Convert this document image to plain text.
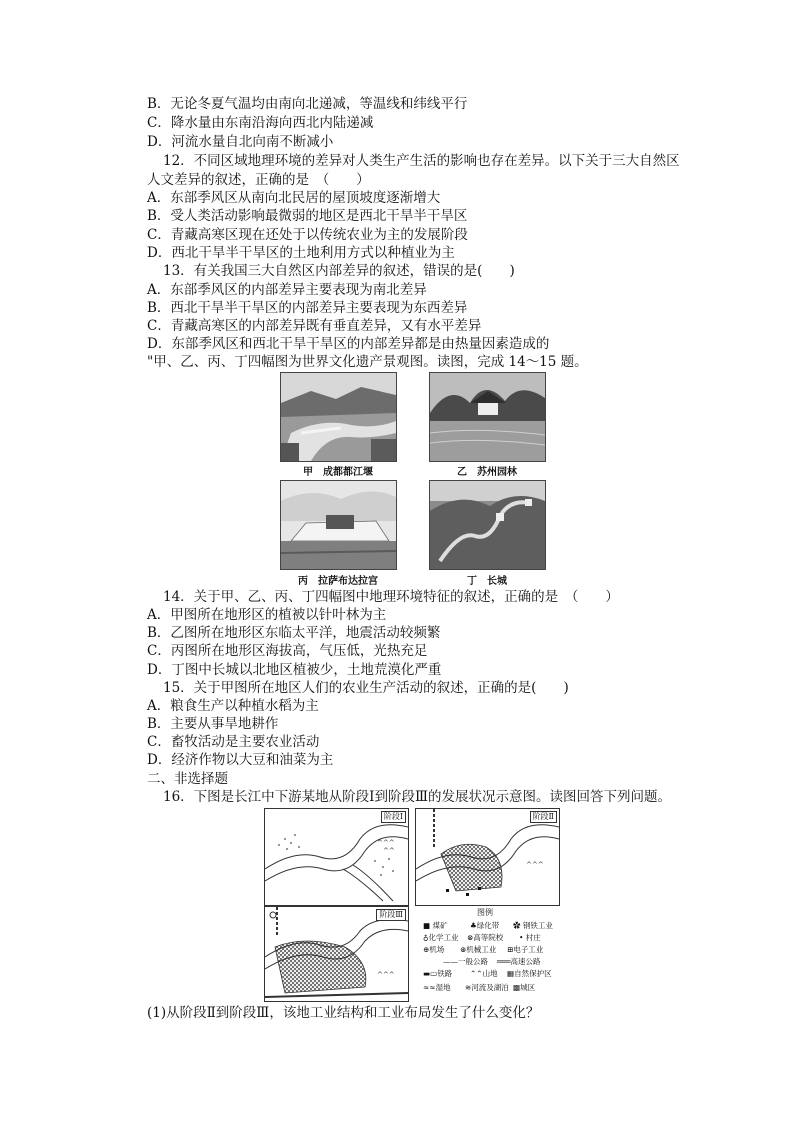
B．无论冬夏气温均由南向北递减，等温线和纬线平行
C．降水量由东南沿海向西北内陆递减
D．河流水量自北向南不断减小
12．不同区域地理环境的差异对人类生产生活的影响也存在差异。以下关于三大自然区
人文差异的叙述，正确的是　（　　）
A．东部季风区从南向北民居的屋顶坡度逐渐增大
B．受人类活动影响最微弱的地区是西北干旱半干旱区
C．青藏高寒区现在还处于以传统农业为主的发展阶段
D．西北干旱半干旱区的土地利用方式以种植业为主
13．有关我国三大自然区内部差异的叙述，错误的是(　　)
A．东部季风区的内部差异主要表现为南北差异
B．西北干旱半干旱区的内部差异主要表现为东西差异
C．青藏高寒区的内部差异既有垂直差异，又有水平差异
D．东部季风区和西北干旱干旱区的内部差异都是由热量因素造成的
"甲、乙、丙、丁四幅图为世界文化遗产景观图。读图，完成 14～15 题。
甲　成都都江堰	乙　苏州园林
丙　拉萨布达拉宫	丁　长城
14．关于甲、乙、丙、丁四幅图中地理环境特征的叙述，正确的是　（　　）
A．甲图所在地形区的植被以针叶林为主
B．乙图所在地形区东临太平洋，地震活动较频繁
C．丙图所在地形区海拔高，气压低，光热充足
D．丁图中长城以北地区植被少，土地荒漠化严重
15．关于甲图所在地区人们的农业生产活动的叙述，正确的是(　　)
A．粮食生产以种植水稻为主
B．主要从事旱地耕作
C．畜牧活动是主要农业活动
D．经济作物以大豆和油菜为主
二、非选择题
16．下图是长江中下游某地从阶段Ⅰ到阶段Ⅲ的发展状况示意图。读图回答下列问题。
^^^
^^
阶段Ⅰ
^^^
阶段Ⅱ
^^^
阶段Ⅲ	图例
■ 煤矿	♣绿化带 ✿ 钢铁工业
♁化学工业 ⊗高等院校 • 村庄
⊕机场 ⊛机械工业 ⊞电子工业
——一般公路 ═══高速公路
▬▭铁路 ⌃⌃山地 ▦自然保护区
≈≈湿地 ≋河流及湖泊 ▩城区
(1)从阶段Ⅱ到阶段Ⅲ，该地工业结构和工业布局发生了什么变化？
